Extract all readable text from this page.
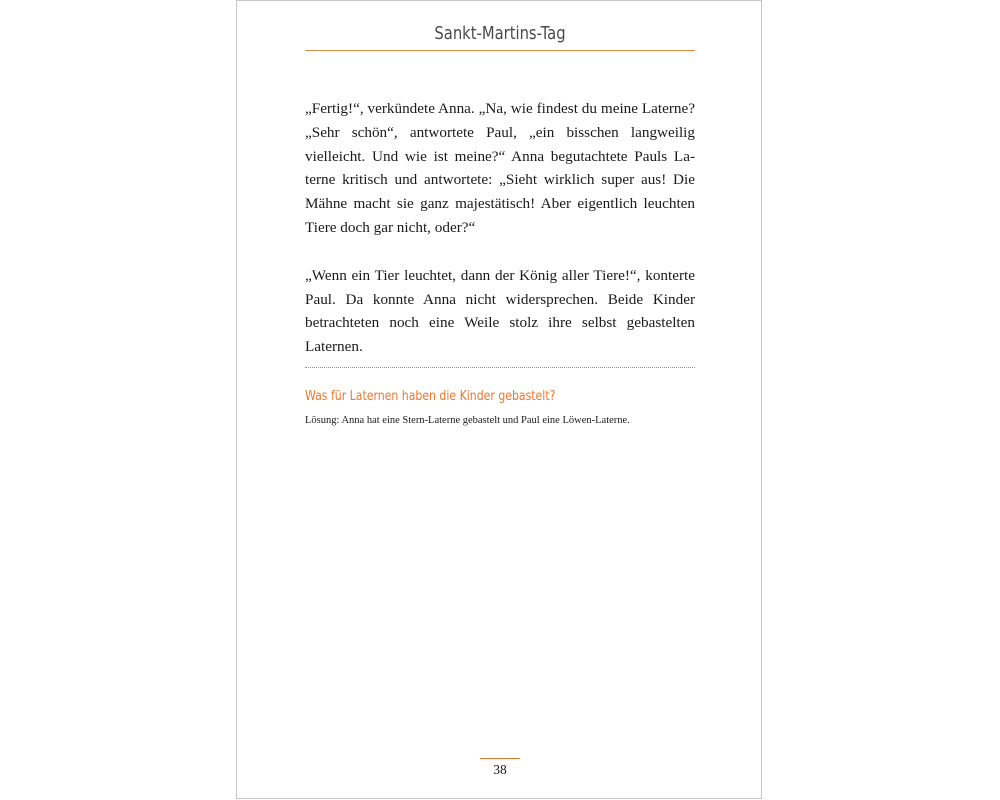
Sankt-Martins-Tag

„Fertig!“, verkündete Anna. „Na, wie findest du meine Laterne? „Sehr schön“, antwortete Paul, „ein bisschen langweilig vielleicht. Und wie ist meine?“ Anna begutachtete Pauls Laterne kritisch und antwortete: „Sieht wirklich super aus! Die Mähne macht sie ganz majestätisch! Aber eigentlich leuchten Tiere doch gar nicht, oder?“

„Wenn ein Tier leuchtet, dann der König aller Tiere!“, konterte Paul. Da konnte Anna nicht widersprechen. Beide Kinder betrachteten noch eine Weile stolz ihre selbst gebastelten Laternen.

Was für Laternen haben die Kinder gebastelt?
Lösung: Anna hat eine Stern-Laterne gebastelt und Paul eine Löwen-Laterne.
38
